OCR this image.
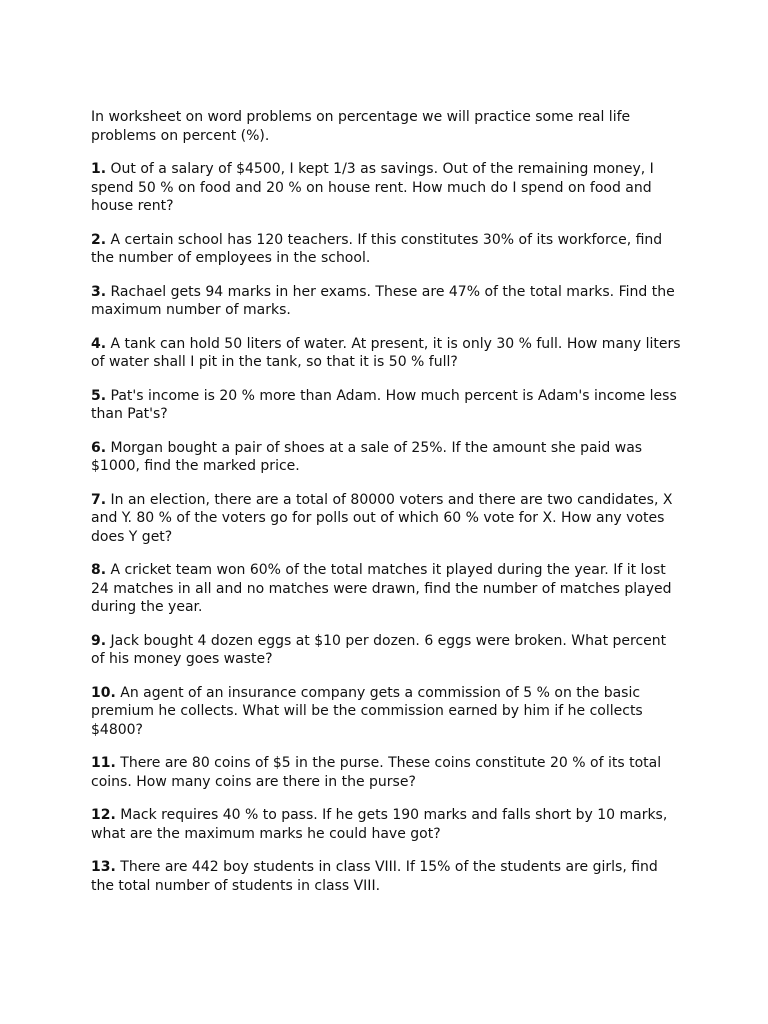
In worksheet on word problems on percentage we will practice some real life problems on percent (%).

1. Out of a salary of $4500, I kept 1/3 as savings. Out of the remaining money, I spend 50 % on food and 20 % on house rent. How much do I spend on food and house rent?

2. A certain school has 120 teachers. If this constitutes 30% of its workforce, find the number of employees in the school.

3. Rachael gets 94 marks in her exams. These are 47% of the total marks. Find the maximum number of marks.

4. A tank can hold 50 liters of water. At present, it is only 30 % full. How many liters of water shall I pit in the tank, so that it is 50 % full?

5. Pat's income is 20 % more than Adam. How much percent is Adam's income less than Pat's?

6. Morgan bought a pair of shoes at a sale of 25%. If the amount she paid was $1000, find the marked price.

7. In an election, there are a total of 80000 voters and there are two candidates, X and Y. 80 % of the voters go for polls out of which 60 % vote for X. How any votes does Y get?

8. A cricket team won 60% of the total matches it played during the year. If it lost 24 matches in all and no matches were drawn, find the number of matches played during the year.

9. Jack bought 4 dozen eggs at $10 per dozen. 6 eggs were broken. What percent of his money goes waste?

10. An agent of an insurance company gets a commission of 5 % on the basic premium he collects. What will be the commission earned by him if he collects $4800?

11. There are 80 coins of $5 in the purse. These coins constitute 20 % of its total coins. How many coins are there in the purse?

12. Mack requires 40 % to pass. If he gets 190 marks and falls short by 10 marks, what are the maximum marks he could have got?

13. There are 442 boy students in class VIII. If 15% of the students are girls, find the total number of students in class VIII.
